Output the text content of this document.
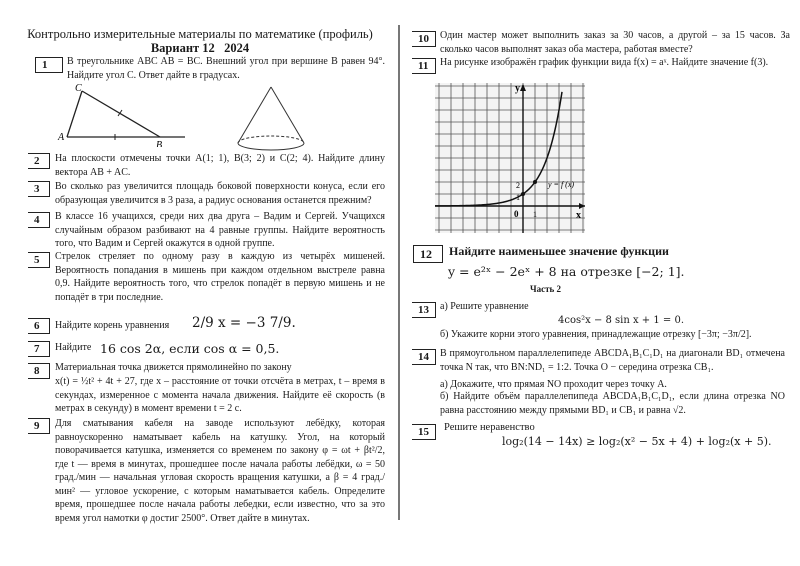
Контрольно измерительные материалы по математике (профиль)
Вариант 12   2024
1	В треугольнике ABC AB = BC. Внешний угол при вершине B равен 94°. Найдите угол C. Ответ дайте в градусах.
C
A
B
2	На плоскости отмечены точки A(1; 1), B(3; 2) и C(2; 4). Найдите длину вектора AB + AC.
3	Во сколько раз увеличится площадь боковой поверхности конуса, если его образующая увеличится в 3 раза, а радиус основания останется прежним?
4	В классе 16 учащихся, среди них два друга – Вадим и Сергей. Учащихся случайным образом разбивают на 4 равные группы. Найдите вероятность того, что Вадим и Сергей окажутся в одной группе.
5	Стрелок стреляет по одному разу в каждую из четырёх мишеней. Вероятность попадания в мишень при каждом отдельном выстреле равна 0,9. Найдите вероятность того, что стрелок попадёт в первую мишень и не попадёт в три последние.
6	Найдите корень уравнения	2/9 x = −3 7/9.
7	Найдите 16 cos 2α, если cos α = 0,5.
8	Материальная точка движется прямолинейно по закону
x(t) = ½t² + 4t + 27, где x – расстояние от точки отсчёта в метрах, t – время в секундах, измеренное с момента начала движения. Найдите её скорость (в метрах в секунду) в момент времени t = 2 с.
9	Для сматывания кабеля на заводе используют лебёдку, которая равноускоренно наматывает кабель на катушку. Угол, на который поворачивается катушка, изменяется со временем по закону φ = ωt + βt²/2, где t — время в минутах, прошедшее после начала работы лебёдки, ω = 50 град./мин — начальная угловая скорость вращения катушки, а β = 4 град./мин² — угловое ускорение, с которым наматывается кабель. Определите время, прошедшее после начала работы лебедки, если известно, что за это время угол намотки φ достиг 2500°. Ответ дайте в минутах.
10	Один мастер может выполнить заказ за 30 часов, а другой – за 15 часов. За сколько часов выполнят заказ оба мастера, работая вместе?
11	На рисунке изображён график функции вида f(x) = aˣ. Найдите значение f(3).
y
x
0 1
1
2	y = f (x)
12	Найдите наименьшее значение функции
y = e²ˣ − 2eˣ + 8 на отрезке [−2; 1].
Часть 2
13	а) Решите уравнение
4cos²x − 8 sin x + 1 = 0.
б) Укажите корни этого уравнения, принадлежащие отрезку [−3π; −3π/2].
14	В прямоугольном параллелепипеде ABCDA₁B₁C₁D₁ на диагонали BD₁ отмечена точка N так, что BN:ND₁ = 1:2. Точка O − середина отрезка CB₁.
а) Докажите, что прямая NO проходит через точку A.
б) Найдите объём параллелепипеда ABCDA₁B₁C₁D₁, если длина отрезка NO равна расстоянию между прямыми BD₁ и CB₁ и равна √2.
15	Решите неравенство
log₂(14 − 14x) ≥ log₂(x² − 5x + 4) + log₂(x + 5).
